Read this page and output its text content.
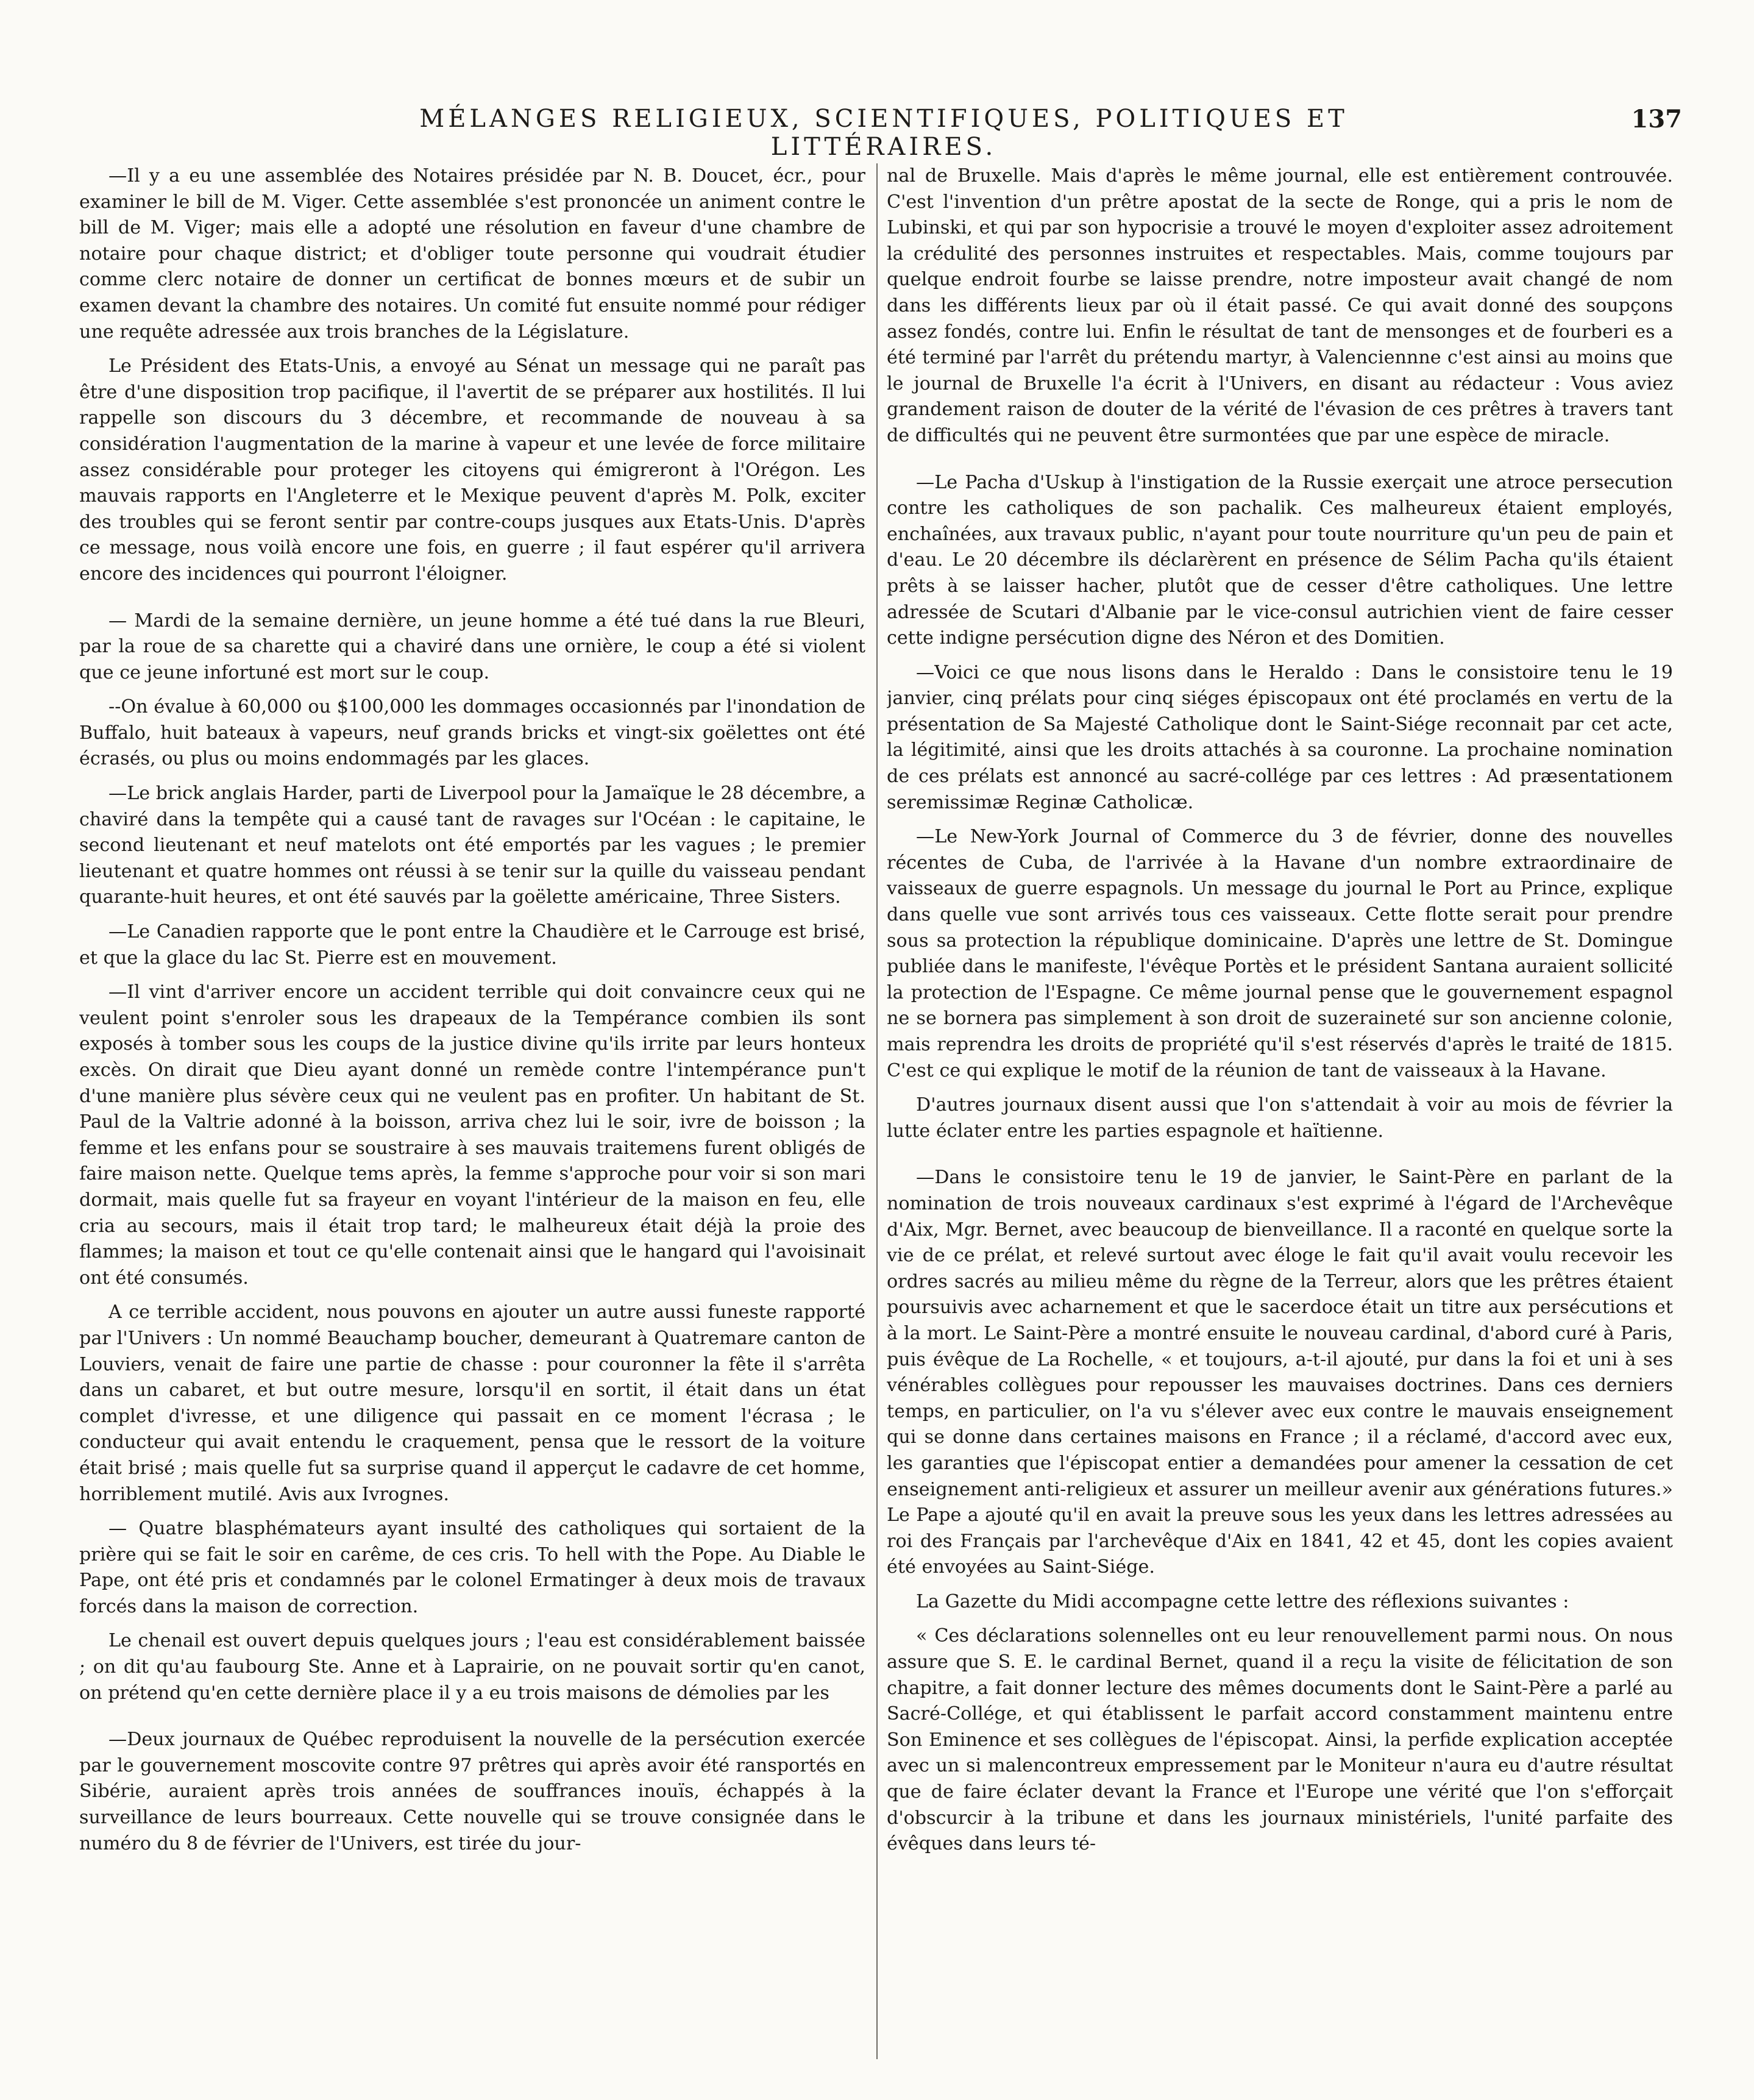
MÉLANGES RELIGIEUX, SCIENTIFIQUES, POLITIQUES ET LITTÉRAIRES.
137

—Il y a eu une assemblée des Notaires présidée par N. B. Doucet, écr., pour examiner le bill de M. Viger. Cette assemblée s'est prononcée un animent contre le bill de M. Viger; mais elle a adopté une résolution en faveur d'une chambre de notaire pour chaque district; et d'obliger toute personne qui voudrait étudier comme clerc notaire de donner un certificat de bonnes mœurs et de subir un examen devant la chambre des notaires. Un comité fut ensuite nommé pour rédiger une requête adressée aux trois branches de la Législature.

Le Président des Etats-Unis, a envoyé au Sénat un message qui ne paraît pas être d'une disposition trop pacifique, il l'avertit de se préparer aux hostilités. Il lui rappelle son discours du 3 décembre, et recommande de nouveau à sa considération l'augmentation de la marine à vapeur et une levée de force militaire assez considérable pour proteger les citoyens qui émigreront à l'Orégon. Les mauvais rapports en l'Angleterre et le Mexique peuvent d'après M. Polk, exciter des troubles qui se feront sentir par contre-coups jusques aux Etats-Unis. D'après ce message, nous voilà encore une fois, en guerre ; il faut espérer qu'il arrivera encore des incidences qui pourront l'éloigner.

— Mardi de la semaine dernière, un jeune homme a été tué dans la rue Bleuri, par la roue de sa charette qui a chaviré dans une ornière, le coup a été si violent que ce jeune infortuné est mort sur le coup.

--On évalue à 60,000 ou $100,000 les dommages occasionnés par l'inondation de Buffalo, huit bateaux à vapeurs, neuf grands bricks et vingt-six goëlettes ont été écrasés, ou plus ou moins endommagés par les glaces.

—Le brick anglais Harder, parti de Liverpool pour la Jamaïque le 28 décembre, a chaviré dans la tempête qui a causé tant de ravages sur l'Océan : le capitaine, le second lieutenant et neuf matelots ont été emportés par les vagues ; le premier lieutenant et quatre hommes ont réussi à se tenir sur la quille du vaisseau pendant quarante-huit heures, et ont été sauvés par la goëlette américaine, Three Sisters.

—Le Canadien rapporte que le pont entre la Chaudière et le Carrouge est brisé, et que la glace du lac St. Pierre est en mouvement.

—Il vint d'arriver encore un accident terrible qui doit convaincre ceux qui ne veulent point s'enroler sous les drapeaux de la Tempérance combien ils sont exposés à tomber sous les coups de la justice divine qu'ils irrite par leurs honteux excès. On dirait que Dieu ayant donné un remède contre l'intempérance pun't d'une manière plus sévère ceux qui ne veulent pas en profiter. Un habitant de St. Paul de la Valtrie adonné à la boisson, arriva chez lui le soir, ivre de boisson ; la femme et les enfans pour se soustraire à ses mauvais traitemens furent obligés de faire maison nette. Quelque tems après, la femme s'approche pour voir si son mari dormait, mais quelle fut sa frayeur en voyant l'intérieur de la maison en feu, elle cria au secours, mais il était trop tard; le malheureux était déjà la proie des flammes; la maison et tout ce qu'elle contenait ainsi que le hangard qui l'avoisinait ont été consumés.

A ce terrible accident, nous pouvons en ajouter un autre aussi funeste rapporté par l'Univers : Un nommé Beauchamp boucher, demeurant à Quatremare canton de Louviers, venait de faire une partie de chasse : pour couronner la fête il s'arrêta dans un cabaret, et but outre mesure, lorsqu'il en sortit, il était dans un état complet d'ivresse, et une diligence qui passait en ce moment l'écrasa ; le conducteur qui avait entendu le craquement, pensa que le ressort de la voiture était brisé ; mais quelle fut sa surprise quand il apperçut le cadavre de cet homme, horriblement mutilé. Avis aux Ivrognes.

— Quatre blasphémateurs ayant insulté des catholiques qui sortaient de la prière qui se fait le soir en carême, de ces cris. To hell with the Pope. Au Diable le Pape, ont été pris et condamnés par le colonel Ermatinger à deux mois de travaux forcés dans la maison de correction.

Le chenail est ouvert depuis quelques jours ; l'eau est considérablement baissée ; on dit qu'au faubourg Ste. Anne et à Laprairie, on ne pouvait sortir qu'en canot, on prétend qu'en cette dernière place il y a eu trois maisons de démolies par les

—Deux journaux de Québec reproduisent la nouvelle de la persécution exercée par le gouvernement moscovite contre 97 prêtres qui après avoir été ransportés en Sibérie, auraient après trois années de souffrances inouïs, échappés à la surveillance de leurs bourreaux. Cette nouvelle qui se trouve consignée dans le numéro du 8 de février de l'Univers, est tirée du jour-

nal de Bruxelle. Mais d'après le même journal, elle est entièrement controuvée. C'est l'invention d'un prêtre apostat de la secte de Ronge, qui a pris le nom de Lubinski, et qui par son hypocrisie a trouvé le moyen d'exploiter assez adroitement la crédulité des personnes instruites et respectables. Mais, comme toujours par quelque endroit fourbe se laisse prendre, notre imposteur avait changé de nom dans les différents lieux par où il était passé. Ce qui avait donné des soupçons assez fondés, contre lui. Enfin le résultat de tant de mensonges et de fourberi es a été terminé par l'arrêt du prétendu martyr, à Valenciennne c'est ainsi au moins que le journal de Bruxelle l'a écrit à l'Univers, en disant au rédacteur : Vous aviez grandement raison de douter de la vérité de l'évasion de ces prêtres à travers tant de difficultés qui ne peuvent être surmontées que par une espèce de miracle.

—Le Pacha d'Uskup à l'instigation de la Russie exerçait une atroce persecution contre les catholiques de son pachalik. Ces malheureux étaient employés, enchaînées, aux travaux public, n'ayant pour toute nourriture qu'un peu de pain et d'eau. Le 20 décembre ils déclarèrent en présence de Sélim Pacha qu'ils étaient prêts à se laisser hacher, plutôt que de cesser d'être catholiques. Une lettre adressée de Scutari d'Albanie par le vice-consul autrichien vient de faire cesser cette indigne persécution digne des Néron et des Domitien.

—Voici ce que nous lisons dans le Heraldo : Dans le consistoire tenu le 19 janvier, cinq prélats pour cinq siéges épiscopaux ont été proclamés en vertu de la présentation de Sa Majesté Catholique dont le Saint-Siége reconnait par cet acte, la légitimité, ainsi que les droits attachés à sa couronne. La prochaine nomination de ces prélats est annoncé au sacré-collége par ces lettres : Ad præsentationem seremissimæ Reginæ Catholicæ.

—Le New-York Journal of Commerce du 3 de février, donne des nouvelles récentes de Cuba, de l'arrivée à la Havane d'un nombre extraordinaire de vaisseaux de guerre espagnols. Un message du journal le Port au Prince, explique dans quelle vue sont arrivés tous ces vaisseaux. Cette flotte serait pour prendre sous sa protection la république dominicaine. D'après une lettre de St. Domingue publiée dans le manifeste, l'évêque Portès et le président Santana auraient sollicité la protection de l'Espagne. Ce même journal pense que le gouvernement espagnol ne se bornera pas simplement à son droit de suzeraineté sur son ancienne colonie, mais reprendra les droits de propriété qu'il s'est réservés d'après le traité de 1815. C'est ce qui explique le motif de la réunion de tant de vaisseaux à la Havane.

D'autres journaux disent aussi que l'on s'attendait à voir au mois de février la lutte éclater entre les parties espagnole et haïtienne.

—Dans le consistoire tenu le 19 de janvier, le Saint-Père en parlant de la nomination de trois nouveaux cardinaux s'est exprimé à l'égard de l'Archevêque d'Aix, Mgr. Bernet, avec beaucoup de bienveillance. Il a raconté en quelque sorte la vie de ce prélat, et relevé surtout avec éloge le fait qu'il avait voulu recevoir les ordres sacrés au milieu même du règne de la Terreur, alors que les prêtres étaient poursuivis avec acharnement et que le sacerdoce était un titre aux persécutions et à la mort. Le Saint-Père a montré ensuite le nouveau cardinal, d'abord curé à Paris, puis évêque de La Rochelle, « et toujours, a-t-il ajouté, pur dans la foi et uni à ses vénérables collègues pour repousser les mauvaises doctrines. Dans ces derniers temps, en particulier, on l'a vu s'élever avec eux contre le mauvais enseignement qui se donne dans certaines maisons en France ; il a réclamé, d'accord avec eux, les garanties que l'épiscopat entier a demandées pour amener la cessation de cet enseignement anti-religieux et assurer un meilleur avenir aux générations futures.» Le Pape a ajouté qu'il en avait la preuve sous les yeux dans les lettres adressées au roi des Français par l'archevêque d'Aix en 1841, 42 et 45, dont les copies avaient été envoyées au Saint-Siége.

La Gazette du Midi accompagne cette lettre des réflexions suivantes :

« Ces déclarations solennelles ont eu leur renouvellement parmi nous. On nous assure que S. E. le cardinal Bernet, quand il a reçu la visite de félicitation de son chapitre, a fait donner lecture des mêmes documents dont le Saint-Père a parlé au Sacré-Collége, et qui établissent le parfait accord constamment maintenu entre Son Eminence et ses collègues de l'épiscopat. Ainsi, la perfide explication acceptée avec un si malencontreux empressement par le Moniteur n'aura eu d'autre résultat que de faire éclater devant la France et l'Europe une vérité que l'on s'efforçait d'obscurcir à la tribune et dans les journaux ministériels, l'unité parfaite des évêques dans leurs té-
